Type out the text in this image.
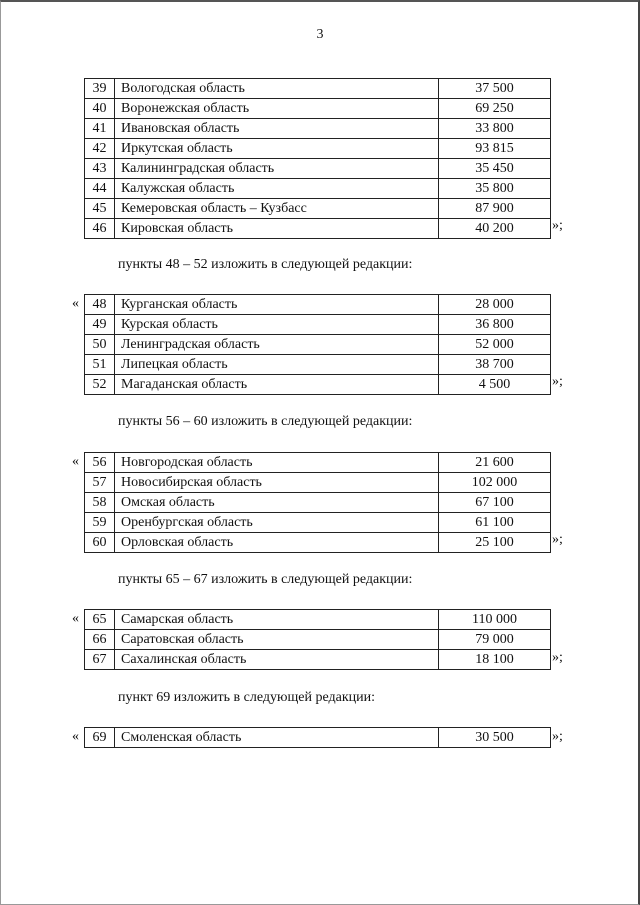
3
39	Вологодская область	37 500
40	Воронежская область	69 250
41	Ивановская область	33 800
42	Иркутская область	93 815
43	Калининградская область	35 450
44	Калужская область	35 800
45	Кемеровская область – Кузбасс	87 900
46	Кировская область	40 200	»;
пункты 48 – 52 изложить в следующей редакции:
« 48	Курганская область	28 000
49	Курская область	36 800
50	Ленинградская область	52 000
51	Липецкая область	38 700
52	Магаданская область	4 500	»;
пункты 56 – 60 изложить в следующей редакции:
« 56	Новгородская область	21 600
57	Новосибирская область	102 000
58	Омская область	67 100
59	Оренбургская область	61 100
60	Орловская область	25 100	»;
пункты 65 – 67 изложить в следующей редакции:
« 65	Самарская область	110 000
66	Саратовская область	79 000
67	Сахалинская область	18 100	»;
пункт 69 изложить в следующей редакции:
« 69	Смоленская область	30 500	»;
